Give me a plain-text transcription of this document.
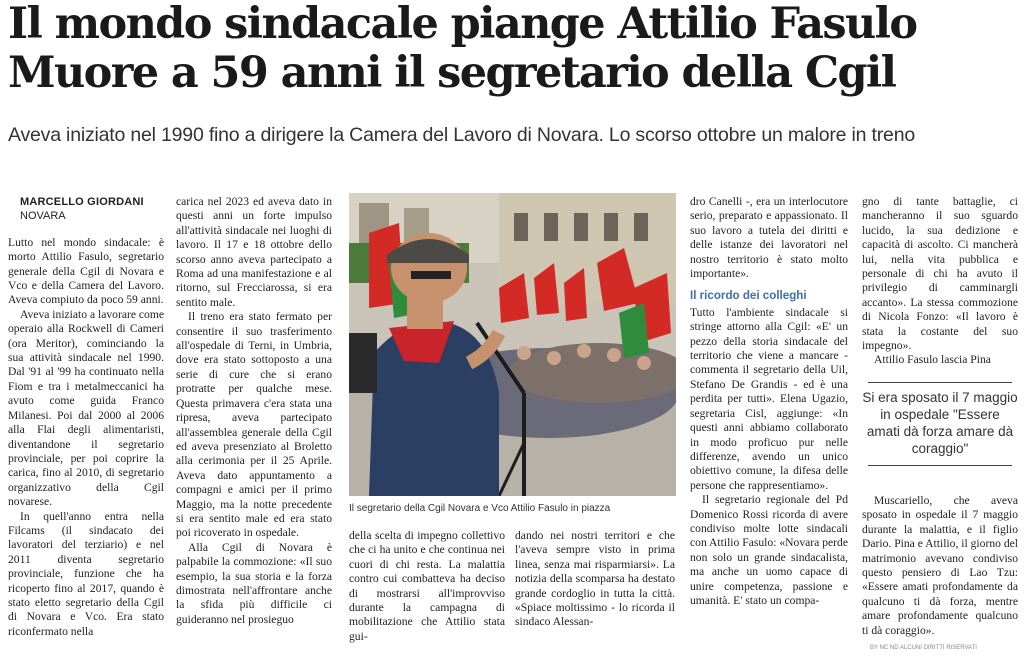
Il mondo sindacale piange Attilio Fasulo
Muore a 59 anni il segretario della Cgil

Aveva iniziato nel 1990 fino a dirigere la Camera del Lavoro di Novara. Lo scorso ottobre un malore in treno

MARCELLO GIORDANI

NOVARA

Lutto nel mondo sindacale: è morto Attilio Fasulo, segretario generale della Cgil di Novara e Vco e della Camera del Lavoro. Aveva compiuto da poco 59 anni.

Aveva iniziato a lavorare come operaio alla Rockwell di Cameri (ora Meritor), cominciando la sua attività sindacale nel 1990. Dal '91 al '99 ha continuato nella Fiom e tra i metalmeccanici ha avuto come guida Franco Milanesi. Poi dal 2000 al 2006 alla Flai degli alimentaristi, diventandone il segretario provinciale, per poi coprire la carica, fino al 2010, di segretario organizzativo della Cgil novarese.

In quell'anno entra nella Filcams (il sindacato dei lavoratori del terziario) e nel 2011 diventa segretario provinciale, funzione che ha ricoperto fino al 2017, quando è stato eletto segretario della Cgil di Novara e Vco. Era stato riconfermato nella

carica nel 2023 ed aveva dato in questi anni un forte impulso all'attività sindacale nei luoghi di lavoro. Il 17 e 18 ottobre dello scorso anno aveva partecipato a Roma ad una manifestazione e al ritorno, sul Frecciarossa, si era sentito male.

Il treno era stato fermato per consentire il suo trasferimento all'ospedale di Terni, in Umbria, dove era stato sottoposto a una serie di cure che si erano protratte per qualche mese. Questa primavera c'era stata una ripresa, aveva partecipato all'assemblea generale della Cgil ed aveva presenziato al Broletto alla cerimonia per il 25 Aprile. Aveva dato appuntamento a compagni e amici per il primo Maggio, ma la notte precedente si era sentito male ed era stato poi ricoverato in ospedale.

Alla Cgil di Novara è palpabile la commozione: «Il suo esempio, la sua storia e la forza dimostrata nell'affrontare anche la sfida più difficile ci guideranno nel prosieguo

Il segretario della Cgil Novara e Vco Attilio Fasulo in piazza

della scelta di impegno collettivo che ci ha unito e che continua nei cuori di chi resta. La malattia contro cui combatteva ha deciso di mostrarsi all'improvviso durante la campagna di mobilitazione che Attilio stata gui-

dando nei nostri territori e che l'aveva sempre visto in prima linea, senza mai risparmiarsi». La notizia della scomparsa ha destato grande cordoglio in tutta la città. «Spiace moltissimo - lo ricorda il sindaco Alessan-

dro Canelli -, era un interlocutore serio, preparato e appassionato. Il suo lavoro a tutela dei diritti e delle istanze dei lavoratori nel nostro territorio è stato molto importante».

Il ricordo dei colleghi

Tutto l'ambiente sindacale si stringe attorno alla Cgil: «E' un pezzo della storia sindacale del territorio che viene a mancare - commenta il segretario della Uil, Stefano De Grandis - ed è una perdita per tutti». Elena Ugazio, segretaria Cisl, aggiunge: «In questi anni abbiamo collaborato in modo proficuo pur nelle differenze, avendo un unico obiettivo comune, la difesa delle persone che rappresentiamo».

Il segretario regionale del Pd Domenico Rossi ricorda di avere condiviso molte lotte sindacali con Attilio Fasulo: «Novara perde non solo un grande sindacalista, ma anche un uomo capace di unire competenza, passione e umanità. E' stato un compa-

gno di tante battaglie, ci mancheranno il suo sguardo lucido, la sua dedizione e capacità di ascolto. Ci mancherà lui, nella vita pubblica e personale di chi ha avuto il privilegio di camminargli accanto». La stessa commozione di Nicola Fonzo: «Il lavoro è stata la costante del suo impegno».

Attilio Fasulo lascia Pina

Si era sposato il 7 maggio in ospedale "Essere amati dà forza amare dà coraggio"

Muscariello, che aveva sposato in ospedale il 7 maggio durante la malattia, e il figlio Dario. Pina e Attilio, il giorno del matrimonio avevano condiviso questo pensiero di Lao Tzu: «Essere amati profondamente da qualcuno ti dà forza, mentre amare profondamente qualcuno ti dà coraggio».

BY NC ND ALCUNI DIRITTI RISERVATI
